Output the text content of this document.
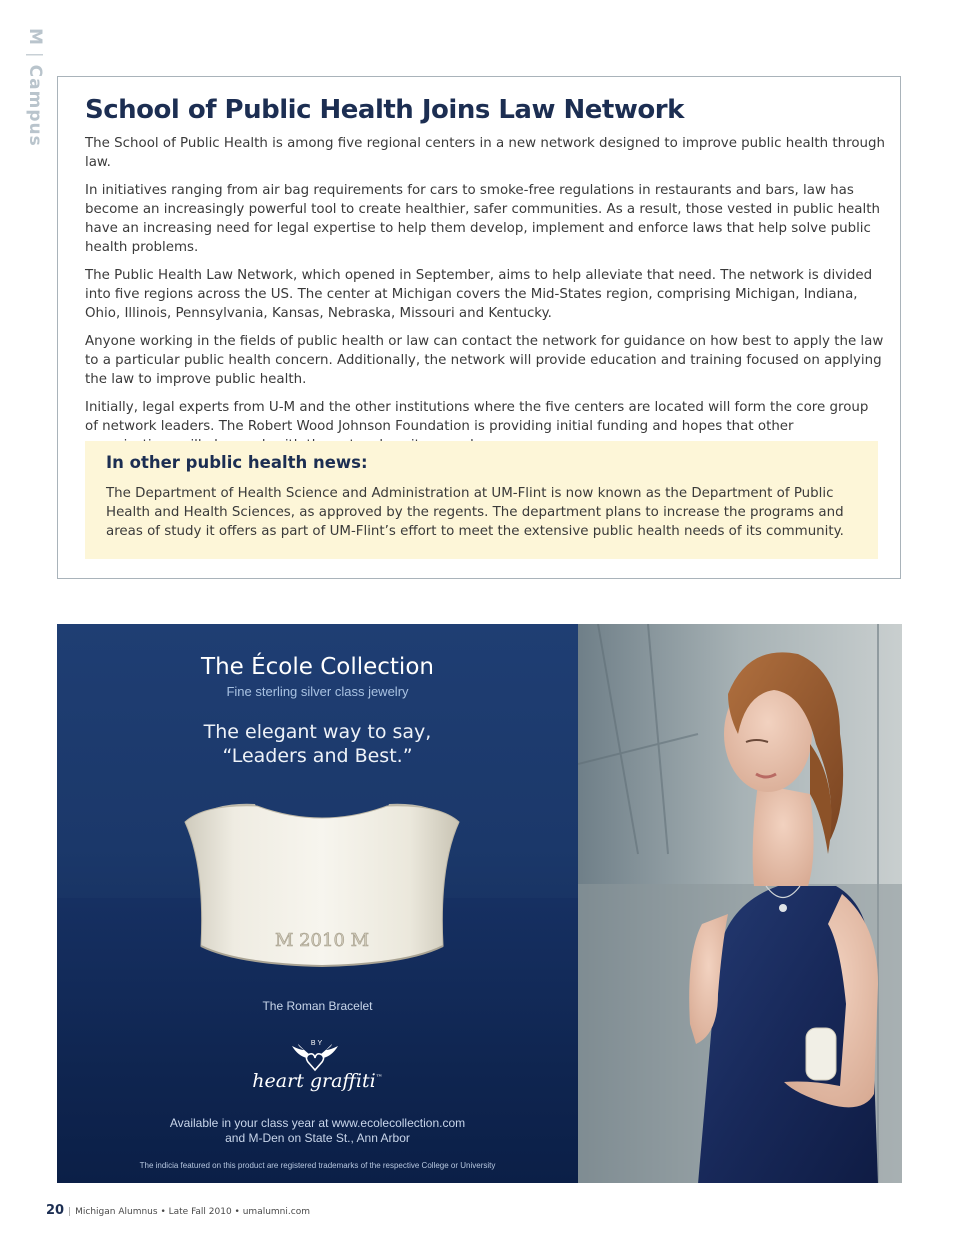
M|Campus School of Public Health Joins Law Network

The School of Public Health is among five regional centers in a new network designed to improve public health through law.

In initiatives ranging from air bag requirements for cars to smoke-free regulations in restaurants and bars, law has become an increasingly powerful tool to create healthier, safer communities. As a result, those vested in public health have an increasing need for legal expertise to help them develop, implement and enforce laws that help solve public health problems.

The Public Health Law Network, which opened in September, aims to help alleviate that need. The network is divided into five regions across the US. The center at Michigan covers the Mid-States region, comprising Michigan, Indiana, Ohio, Illinois, Pennsylvania, Kansas, Nebraska, Missouri and Kentucky.

Anyone working in the fields of public health or law can contact the network for guidance on how best to apply the law to a particular public health concern. Additionally, the network will provide education and training focused on applying the law to improve public health.

Initially, legal experts from U-M and the other institutions where the five centers are located will form the core group of network leaders. The Robert Wood Johnson Foundation is providing initial funding and hopes that other

In other public health news:

The Department of Health Science and Administration at UM-Flint is now known as the Department of Public Health and Health Sciences, as approved by the regents. The department plans to increase the programs and areas of study it offers as part of UM-Flint’s effort to meet the extensive public health needs of its community.

The École Collection
Fine sterling silver class jewelry
The elegant way to say,
“Leaders and Best.”
M 2010 M
The Roman Bracelet
BY
heart graffiti™
Available in your class year at www.ecolecollection.com
and M-Den on State St., Ann Arbor
The indicia featured on this product are registered trademarks of the respective College or University
20 | Michigan Alumnus • Late Fall 2010 • umalumni.com
